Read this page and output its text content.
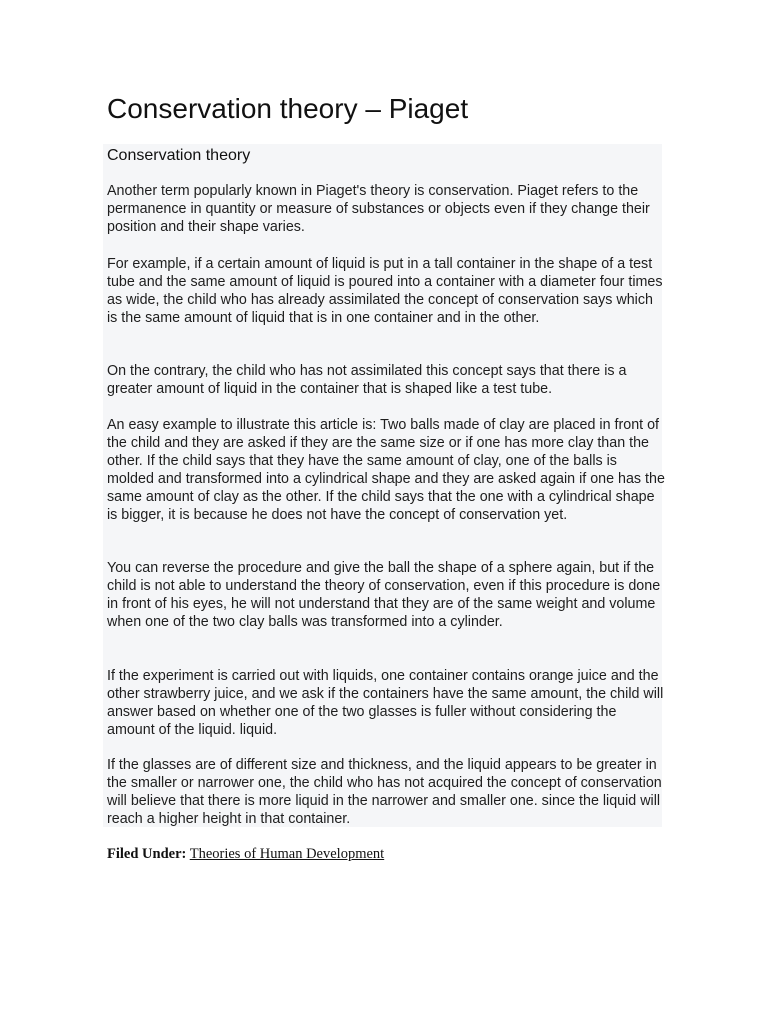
Conservation theory – Piaget
Conservation theory

Another term popularly known in Piaget's theory is conservation. Piaget refers to the permanence in quantity or measure of substances or objects even if they change their position and their shape varies.

For example, if a certain amount of liquid is put in a tall container in the shape of a test tube and the same amount of liquid is poured into a container with a diameter four times as wide, the child who has already assimilated the concept of conservation says which is the same amount of liquid that is in one container and in the other.

On the contrary, the child who has not assimilated this concept says that there is a greater amount of liquid in the container that is shaped like a test tube.

An easy example to illustrate this article is: Two balls made of clay are placed in front of the child and they are asked if they are the same size or if one has more clay than the other. If the child says that they have the same amount of clay, one of the balls is molded and transformed into a cylindrical shape and they are asked again if one has the same amount of clay as the other. If the child says that the one with a cylindrical shape is bigger, it is because he does not have the concept of conservation yet.

You can reverse the procedure and give the ball the shape of a sphere again, but if the child is not able to understand the theory of conservation, even if this procedure is done in front of his eyes, he will not understand that they are of the same weight and volume when one of the two clay balls was transformed into a cylinder.

If the experiment is carried out with liquids, one container contains orange juice and the other strawberry juice, and we ask if the containers have the same amount, the child will answer based on whether one of the two glasses is fuller without considering the amount of the liquid. liquid.

If the glasses are of different size and thickness, and the liquid appears to be greater in the smaller or narrower one, the child who has not acquired the concept of conservation will believe that there is more liquid in the narrower and smaller one. since the liquid will reach a higher height in that container.

Filed Under: Theories of Human Development
